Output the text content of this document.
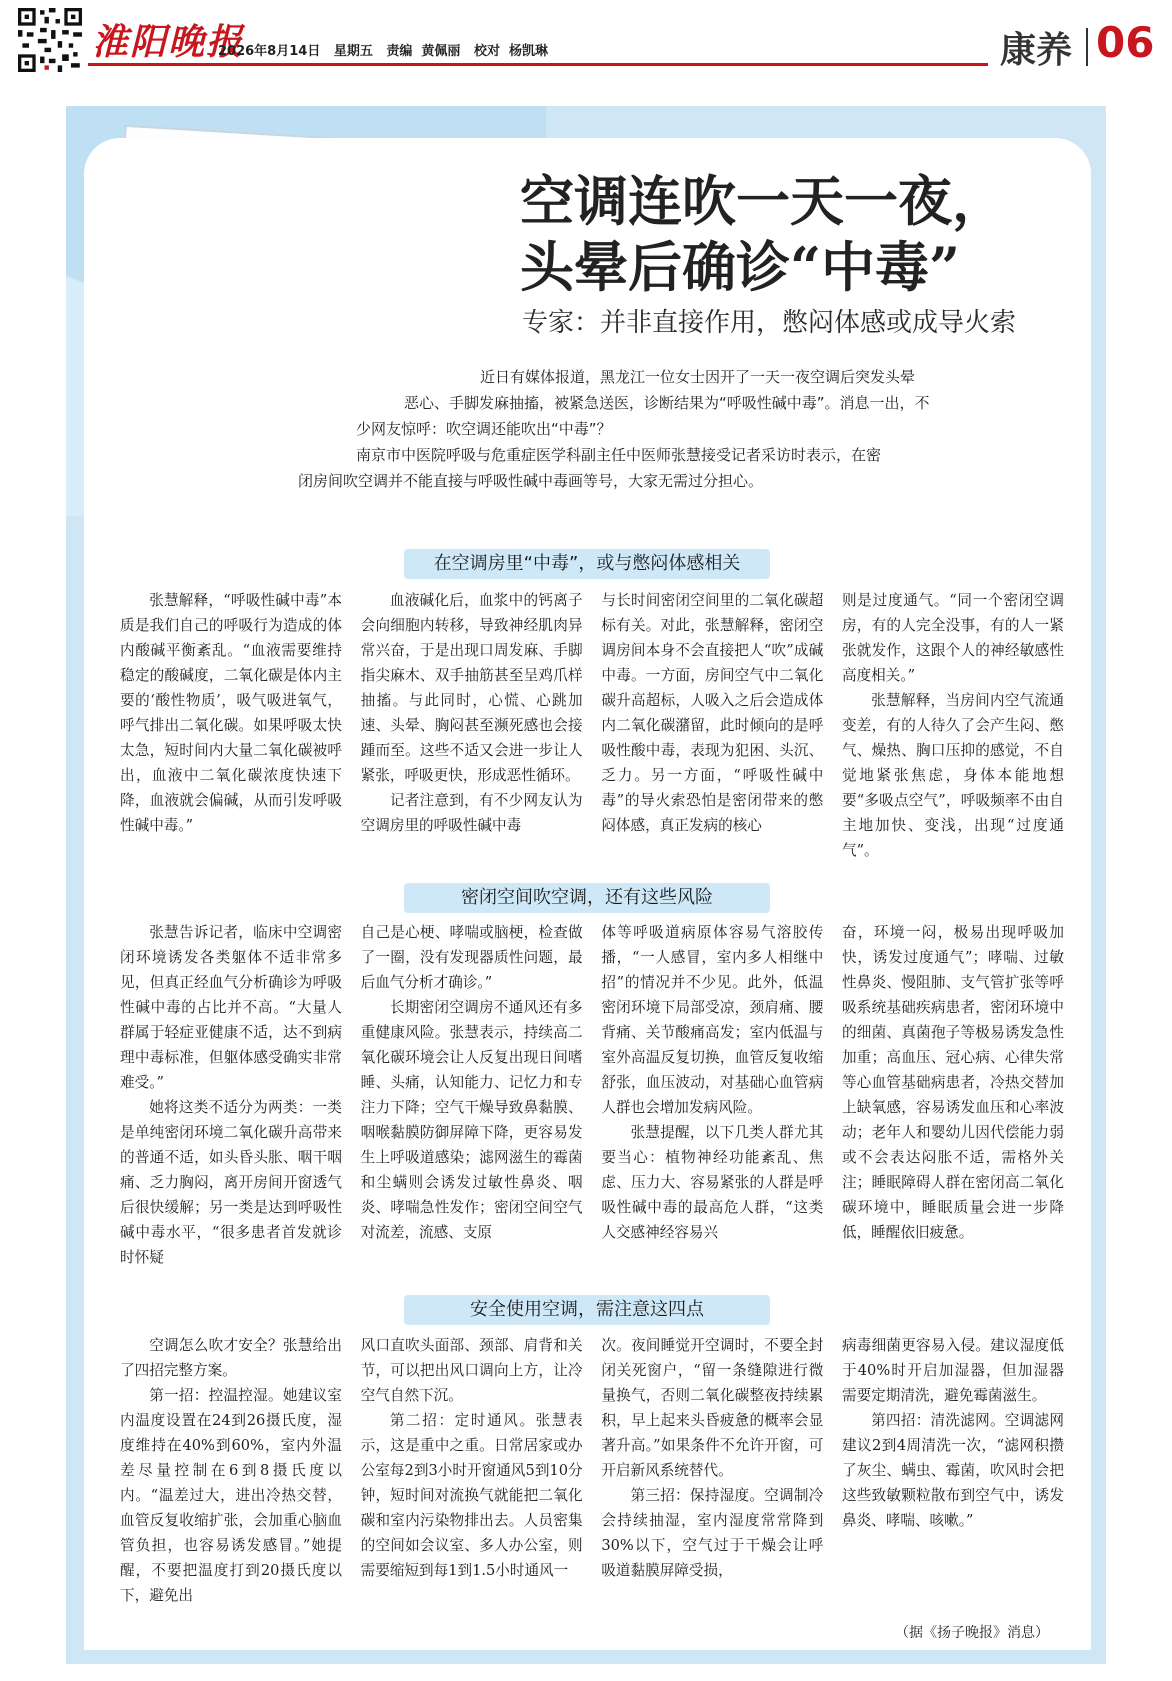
淮阳晚报
2026年8月14日 星期五 责编 黄佩丽 校对 杨凯琳	康养 06
空调连吹一天一夜，
头晕后确诊“中毒”
专家：并非直接作用，憋闷体感或成导火索
近日有媒体报道，黑龙江一位女士因开了一天一夜空调后突发头晕
恶心、手脚发麻抽搐，被紧急送医，诊断结果为“呼吸性碱中毒”。消息一出，不
少网友惊呼：吹空调还能吹出“中毒”？
南京市中医院呼吸与危重症医学科副主任中医师张慧接受记者采访时表示，在密
闭房间吹空调并不能直接与呼吸性碱中毒画等号，大家无需过分担心。
在空调房里“中毒”，或与憋闷体感相关

张慧解释，“呼吸性碱中毒”本质是我们自己的呼吸行为造成的体内酸碱平衡紊乱。“血液需要维持稳定的酸碱度，二氧化碳是体内主要的‘酸性物质’，吸气吸进氧气，呼气排出二氧化碳。如果呼吸太快太急，短时间内大量二氧化碳被呼出，血液中二氧化碳浓度快速下降，血液就会偏碱，从而引发呼吸性碱中毒。”

血液碱化后，血浆中的钙离子会向细胞内转移，导致神经肌肉异常兴奋，于是出现口周发麻、手脚指尖麻木、双手抽筋甚至呈鸡爪样抽搐。与此同时，心慌、心跳加速、头晕、胸闷甚至濒死感也会接踵而至。这些不适又会进一步让人紧张，呼吸更快，形成恶性循环。

记者注意到，有不少网友认为空调房里的呼吸性碱中毒

与长时间密闭空间里的二氧化碳超标有关。对此，张慧解释，密闭空调房间本身不会直接把人“吹”成碱中毒。一方面，房间空气中二氧化碳升高超标，人吸入之后会造成体内二氧化碳潴留，此时倾向的是呼吸性酸中毒，表现为犯困、头沉、乏力。另一方面，“呼吸性碱中毒”的导火索恐怕是密闭带来的憋闷体感，真正发病的核心

则是过度通气。“同一个密闭空调房，有的人完全没事，有的人一紧张就发作，这跟个人的神经敏感性高度相关。”

张慧解释，当房间内空气流通变差，有的人待久了会产生闷、憋气、燥热、胸口压抑的感觉，不自觉地紧张焦虑，身体本能地想要“多吸点空气”，呼吸频率不由自主地加快、变浅，出现“过度通气”。

密闭空间吹空调，还有这些风险

张慧告诉记者，临床中空调密闭环境诱发各类躯体不适非常多见，但真正经血气分析确诊为呼吸性碱中毒的占比并不高。“大量人群属于轻症亚健康不适，达不到病理中毒标准，但躯体感受确实非常难受。”

她将这类不适分为两类：一类是单纯密闭环境二氧化碳升高带来的普通不适，如头昏头胀、咽干咽痛、乏力胸闷，离开房间开窗透气后很快缓解；另一类是达到呼吸性碱中毒水平，“很多患者首发就诊时怀疑

自己是心梗、哮喘或脑梗，检查做了一圈，没有发现器质性问题，最后血气分析才确诊。”

长期密闭空调房不通风还有多重健康风险。张慧表示，持续高二氧化碳环境会让人反复出现日间嗜睡、头痛，认知能力、记忆力和专注力下降；空气干燥导致鼻黏膜、咽喉黏膜防御屏障下降，更容易发生上呼吸道感染；滤网滋生的霉菌和尘螨则会诱发过敏性鼻炎、咽炎、哮喘急性发作；密闭空间空气对流差，流感、支原

体等呼吸道病原体容易气溶胶传播，“一人感冒，室内多人相继中招”的情况并不少见。此外，低温密闭环境下局部受凉，颈肩痛、腰背痛、关节酸痛高发；室内低温与室外高温反复切换，血管反复收缩舒张，血压波动，对基础心血管病人群也会增加发病风险。

张慧提醒，以下几类人群尤其要当心：植物神经功能紊乱、焦虑、压力大、容易紧张的人群是呼吸性碱中毒的最高危人群，“这类人交感神经容易兴

奋，环境一闷，极易出现呼吸加快，诱发过度通气”；哮喘、过敏性鼻炎、慢阻肺、支气管扩张等呼吸系统基础疾病患者，密闭环境中的细菌、真菌孢子等极易诱发急性加重；高血压、冠心病、心律失常等心血管基础病患者，冷热交替加上缺氧感，容易诱发血压和心率波动；老年人和婴幼儿因代偿能力弱或不会表达闷胀不适，需格外关注；睡眠障碍人群在密闭高二氧化碳环境中，睡眠质量会进一步降低，睡醒依旧疲惫。

安全使用空调，需注意这四点

空调怎么吹才安全？张慧给出了四招完整方案。

第一招：控温控湿。她建议室内温度设置在24到26摄氏度，湿度维持在40%到60%，室内外温差尽量控制在6到8摄氏度以内。“温差过大，进出冷热交替，血管反复收缩扩张，会加重心脑血管负担，也容易诱发感冒。”她提醒，不要把温度打到20摄氏度以下，避免出

风口直吹头面部、颈部、肩背和关节，可以把出风口调向上方，让冷空气自然下沉。

第二招：定时通风。张慧表示，这是重中之重。日常居家或办公室每2到3小时开窗通风5到10分钟，短时间对流换气就能把二氧化碳和室内污染物排出去。人员密集的空间如会议室、多人办公室，则需要缩短到每1到1.5小时通风一

次。夜间睡觉开空调时，不要全封闭关死窗户，“留一条缝隙进行微量换气，否则二氧化碳整夜持续累积，早上起来头昏疲惫的概率会显著升高。”如果条件不允许开窗，可开启新风系统替代。

第三招：保持湿度。空调制冷会持续抽湿，室内湿度常常降到30%以下，空气过于干燥会让呼吸道黏膜屏障受损，

病毒细菌更容易入侵。建议湿度低于40%时开启加湿器，但加湿器需要定期清洗，避免霉菌滋生。

第四招：清洗滤网。空调滤网建议2到4周清洗一次，“滤网积攒了灰尘、螨虫、霉菌，吹风时会把这些致敏颗粒散布到空气中，诱发鼻炎、哮喘、咳嗽。”

（据《扬子晚报》消息）
